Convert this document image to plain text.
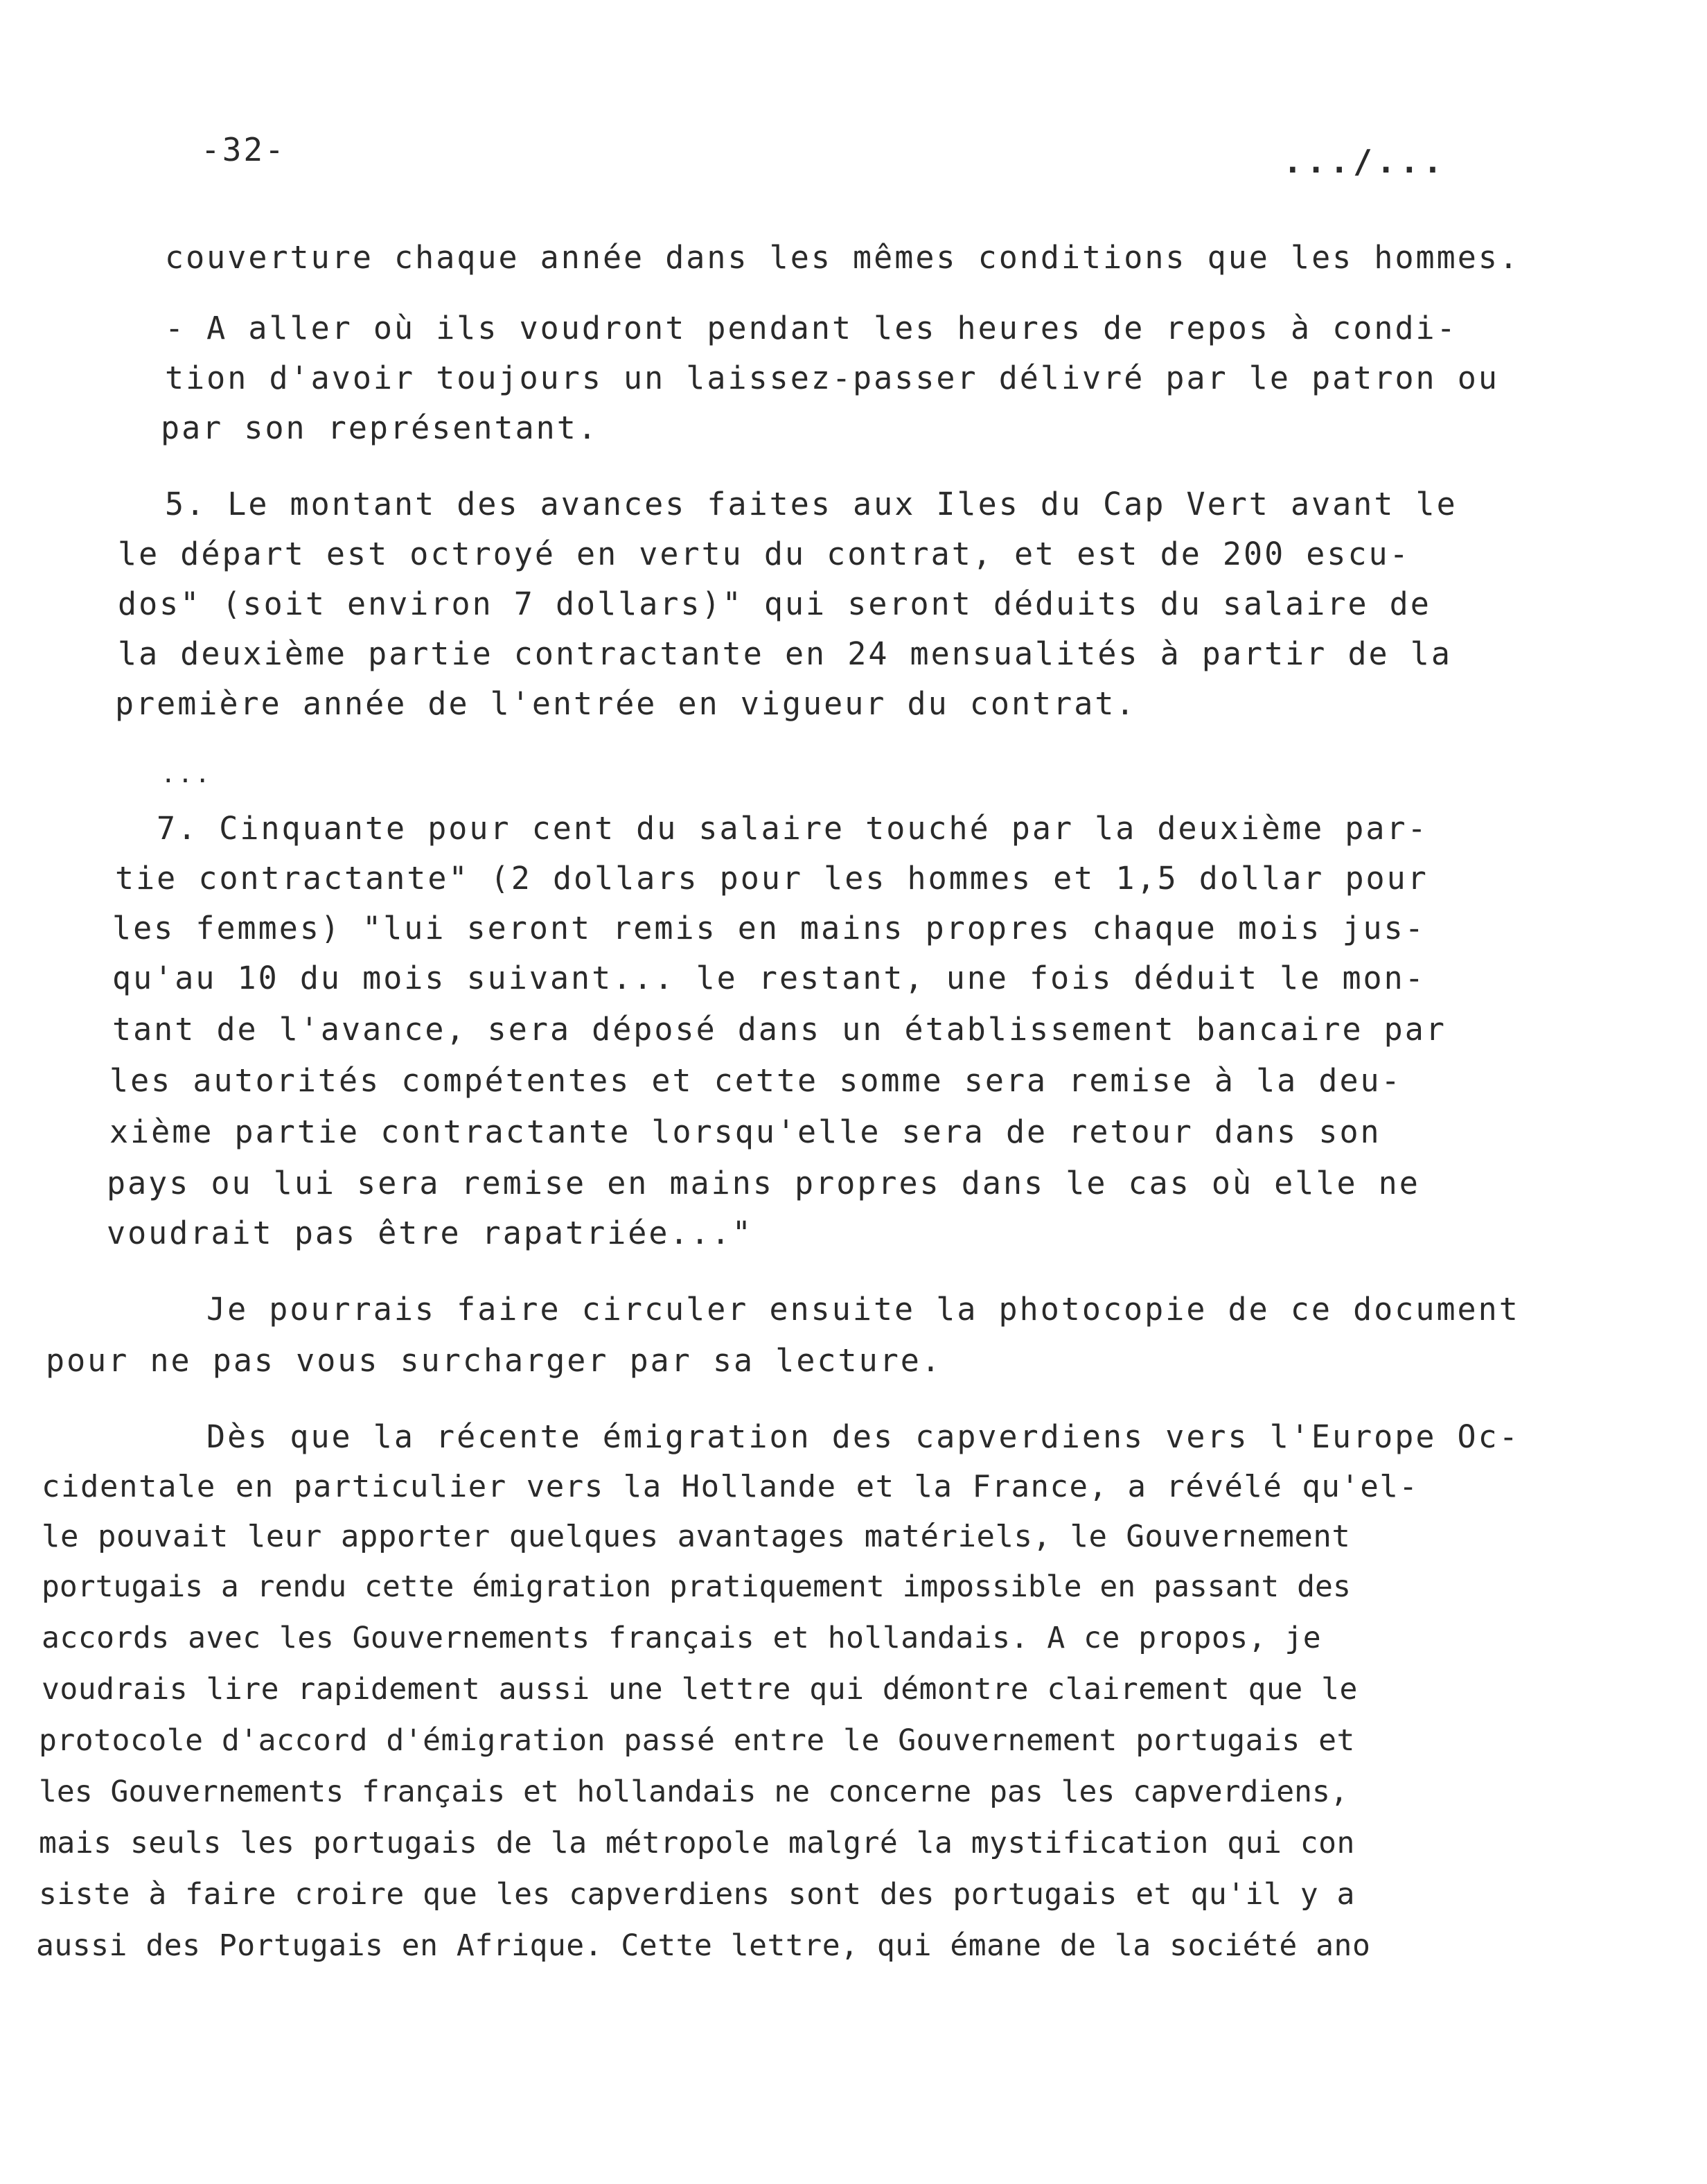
-32-	.../...
couverture chaque année dans les mêmes conditions que les hommes.
- A aller où ils voudront pendant les heures de repos à condi-
tion d'avoir toujours un laissez-passer délivré par le patron ou
par son représentant.
5. Le montant des avances faites aux Iles du Cap Vert avant le
le départ est octroyé en vertu du contrat, et est de 200 escu-
dos" (soit environ 7 dollars)" qui seront déduits du salaire de
la deuxième partie contractante en 24 mensualités à partir de la
première année de l'entrée en vigueur du contrat.
...
7. Cinquante pour cent du salaire touché par la deuxième par-
tie contractante" (2 dollars pour les hommes et 1,5 dollar pour
les femmes) "lui seront remis en mains propres chaque mois jus-
qu'au 10 du mois suivant... le restant, une fois déduit le mon-
tant de l'avance, sera déposé dans un établissement bancaire par
les autorités compétentes et cette somme sera remise à la deu-
xième partie contractante lorsqu'elle sera de retour dans son
pays ou lui sera remise en mains propres dans le cas où elle ne
voudrait pas être rapatriée..."
Je pourrais faire circuler ensuite la photocopie de ce document
pour ne pas vous surcharger par sa lecture.
Dès que la récente émigration des capverdiens vers l'Europe Oc-
cidentale en particulier vers la Hollande et la France, a révélé qu'el-
le pouvait leur apporter quelques avantages matériels, le Gouvernement
portugais a rendu cette émigration pratiquement impossible en passant des
accords avec les Gouvernements français et hollandais. A ce propos, je
voudrais lire rapidement aussi une lettre qui démontre clairement que le
protocole d'accord d'émigration passé entre le Gouvernement portugais et
les Gouvernements français et hollandais ne concerne pas les capverdiens,
mais seuls les portugais de la métropole malgré la mystification qui con
siste à faire croire que les capverdiens sont des portugais et qu'il y a
aussi des Portugais en Afrique. Cette lettre, qui émane de la société ano
